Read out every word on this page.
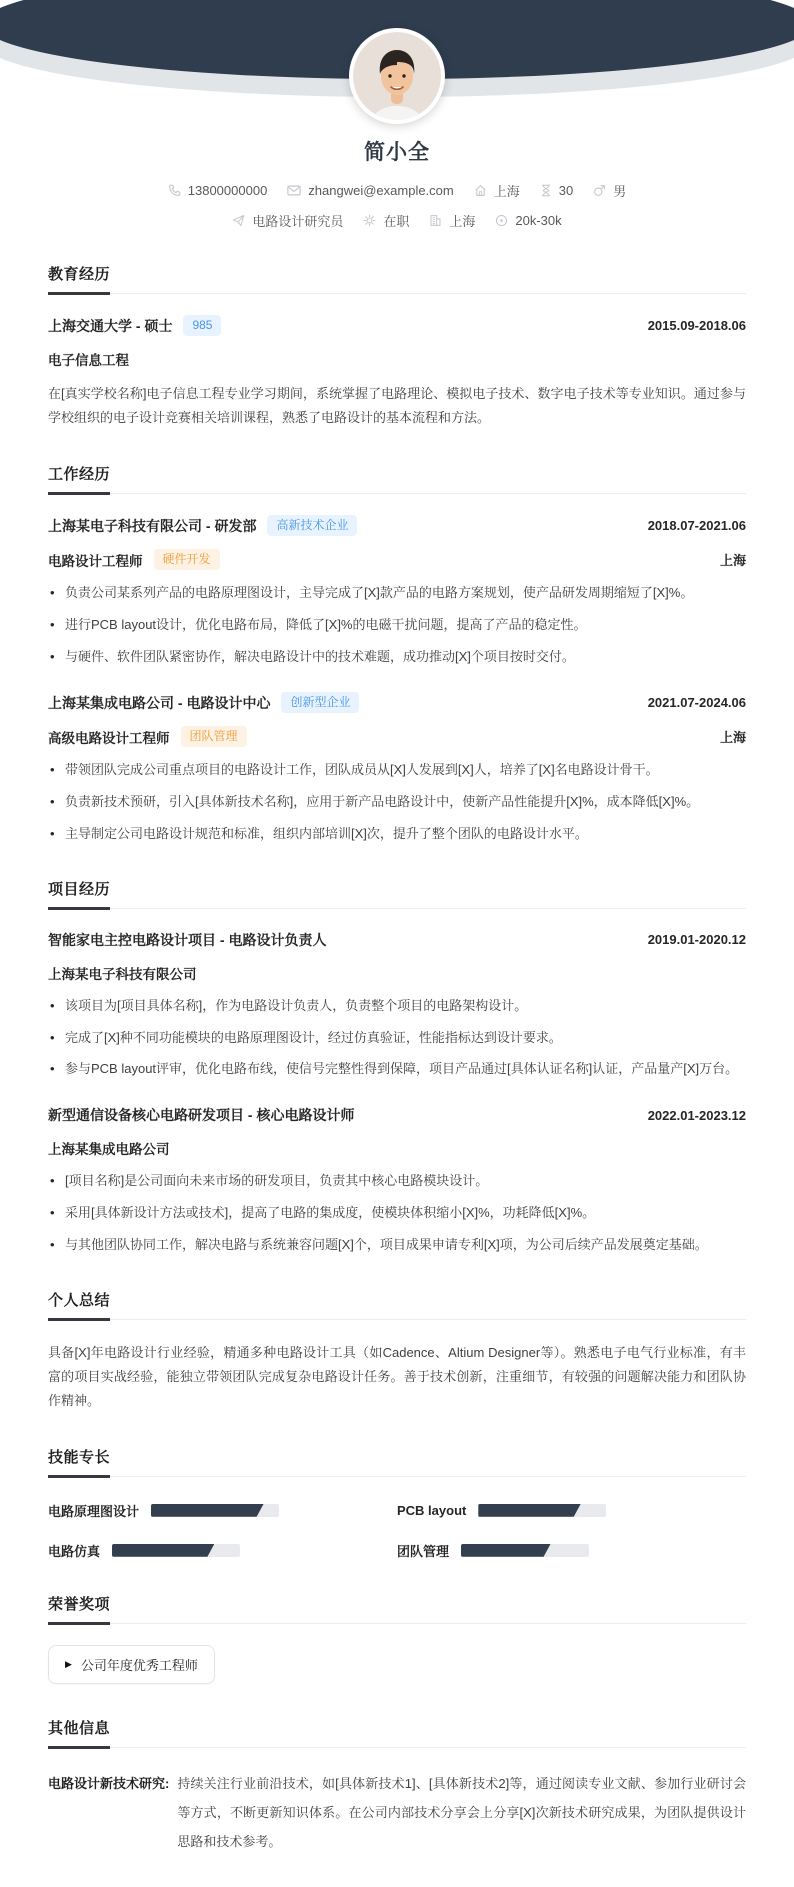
简小全
13800000000	zhangwei@example.com	上海	30	男
电路设计研究员	在职	上海	20k-30k
教育经历
上海交通大学 - 硕士	985	2015.09-2018.06
电子信息工程

在[真实学校名称]电子信息工程专业学习期间，系统掌握了电路理论、模拟电子技术、数字电子技术等专业知识。通过参与学校组织的电子设计竞赛相关培训课程，熟悉了电路设计的基本流程和方法。

工作经历
上海某电子科技有限公司 - 研发部	高新技术企业	2018.07-2021.06
电路设计工程师	硬件开发	上海
• 负责公司某系列产品的电路原理图设计，主导完成了[X]款产品的电路方案规划，使产品研发周期缩短了[X]%。
• 进行PCB layout设计，优化电路布局，降低了[X]%的电磁干扰问题，提高了产品的稳定性。
• 与硬件、软件团队紧密协作，解决电路设计中的技术难题，成功推动[X]个项目按时交付。
上海某集成电路公司 - 电路设计中心	创新型企业	2021.07-2024.06
高级电路设计工程师	团队管理	上海
• 带领团队完成公司重点项目的电路设计工作，团队成员从[X]人发展到[X]人，培养了[X]名电路设计骨干。
• 负责新技术预研，引入[具体新技术名称]，应用于新产品电路设计中，使新产品性能提升[X]%，成本降低[X]%。
• 主导制定公司电路设计规范和标准，组织内部培训[X]次，提升了整个团队的电路设计水平。
项目经历
智能家电主控电路设计项目 - 电路设计负责人	2019.01-2020.12
上海某电子科技有限公司
• 该项目为[项目具体名称]，作为电路设计负责人，负责整个项目的电路架构设计。
• 完成了[X]种不同功能模块的电路原理图设计，经过仿真验证，性能指标达到设计要求。
• 参与PCB layout评审，优化电路布线，使信号完整性得到保障，项目产品通过[具体认证名称]认证，产品量产[X]万台。
新型通信设备核心电路研发项目 - 核心电路设计师	2022.01-2023.12
上海某集成电路公司
• [项目名称]是公司面向未来市场的研发项目，负责其中核心电路模块设计。
• 采用[具体新设计方法或技术]，提高了电路的集成度，使模块体积缩小[X]%，功耗降低[X]%。
• 与其他团队协同工作，解决电路与系统兼容问题[X]个，项目成果申请专利[X]项，为公司后续产品发展奠定基础。
个人总结

具备[X]年电路设计行业经验，精通多种电路设计工具（如Cadence、Altium Designer等）。熟悉电子电气行业标准，有丰富的项目实战经验，能独立带领团队完成复杂电路设计任务。善于技术创新，注重细节，有较强的问题解决能力和团队协作精神。

技能专长
电路原理图设计	PCB layout
电路仿真	团队管理
荣誉奖项
▶ 公司年度优秀工程师
其他信息
电路设计新技术研究: 持续关注行业前沿技术，如[具体新技术1]、[具体新技术2]等，通过阅读专业文献、参加行业研讨会等方式，不断更新知识体系。在公司内部技术分享会上分享[X]次新技术研究成果，为团队提供设计思路和技术参考。
